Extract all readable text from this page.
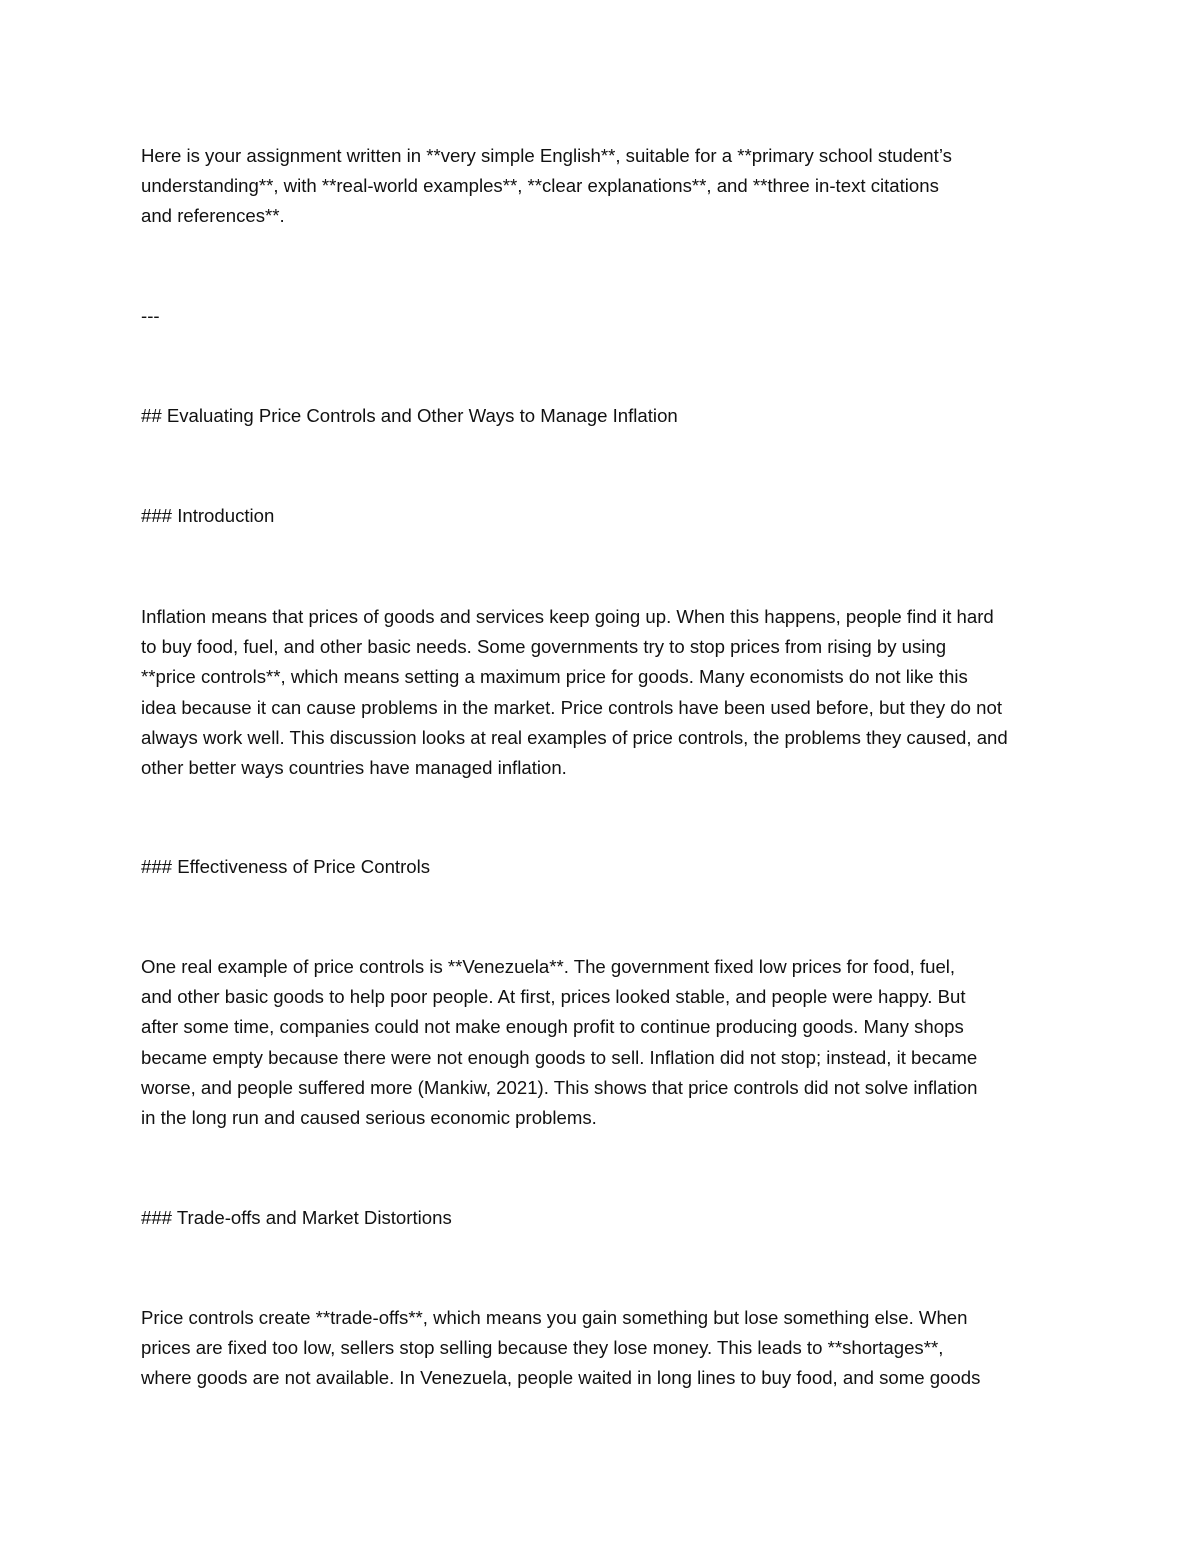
Here is your assignment written in **very simple English**, suitable for a **primary school student’s
understanding**, with **real-world examples**, **clear explanations**, and **three in-text citations
and references**.

---

## Evaluating Price Controls and Other Ways to Manage Inflation

### Introduction

Inflation means that prices of goods and services keep going up. When this happens, people find it hard
to buy food, fuel, and other basic needs. Some governments try to stop prices from rising by using
**price controls**, which means setting a maximum price for goods. Many economists do not like this
idea because it can cause problems in the market. Price controls have been used before, but they do not
always work well. This discussion looks at real examples of price controls, the problems they caused, and
other better ways countries have managed inflation.

### Effectiveness of Price Controls

One real example of price controls is **Venezuela**. The government fixed low prices for food, fuel,
and other basic goods to help poor people. At first, prices looked stable, and people were happy. But
after some time, companies could not make enough profit to continue producing goods. Many shops
became empty because there were not enough goods to sell. Inflation did not stop; instead, it became
worse, and people suffered more (Mankiw, 2021). This shows that price controls did not solve inflation
in the long run and caused serious economic problems.

### Trade-offs and Market Distortions

Price controls create **trade-offs**, which means you gain something but lose something else. When
prices are fixed too low, sellers stop selling because they lose money. This leads to **shortages**,
where goods are not available. In Venezuela, people waited in long lines to buy food, and some goods
